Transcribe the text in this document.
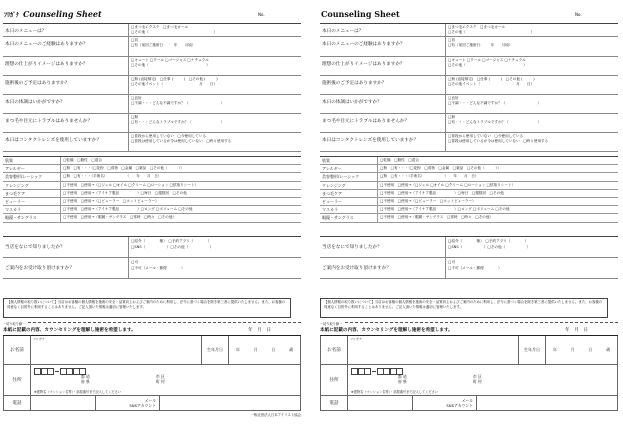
ﾌﾘｶﾞﾅ Counseling Sheet	No.
本日のメニューは？
□まつ毛エクステ　□まつ毛カール
□その他（　　　　　　　　　　　　　　　　　　）
本日のメニューのご経験はありますか？
□初
□有（前回ご施術日：　　年　　月頃）
理想の仕上がりイメージはありますか？
□キュート □クール □ゴージャス □ナチュラル
□その他（　　　　　　　　　　　　　　　　）
施術後のご予定はありますか？
□無 (直接帰宅)　□仕事 (　　　)　□その他 (　　　)
□その他イベント（　　　　　　　　　　月　　日）
本日の体調はいかがですか？
□良好
□不調・・・どんな不調ですか？（　　　　　　　　　）
まつ毛や目元にトラブルはありませんか？
□無
□有・・・どんなトラブルですか？（　　　　　　　　）
本日はコンタクトレンズを使用していますか？
□普段から使用していない　□今使用している
□普段は使用しているが今は使用していない　□時々使用する
肌質	□乾燥　□脂性　□混合
アレルギー	□無　□有・・・（□花粉　□食物　□金属　□薬品　□その他（　　　））
美容整形/レーシック	□無　□有・・・（手術名）　　　　　　（　　年　　月　日）
クレンジング	□不使用　□使用→（□ジェル □オイル □クリーム □ローション □拭取りシート）
まつ毛ケア	□不使用　□使用→（アイケア製品　　　　　）□毎日　□週数回　□その他
ビューラー	□不使用　□使用→（□ビューラー　□ホットビューラー）
マスカラ	□不使用　□使用→（アイケア製品　　　　　）□ロング □ボリューム □その他
眼鏡・サングラス	□不使用　□使用→（眼鏡・サングラス　□常時　□時々　□その他）
当店をなにで知りましたか？
□紹介（　　　　様）　□予約アプリ（　　　　）
□SNS（　　　　　　）□その他（　　　　　　）
ご案内をお受け取り頂けますか？
□可
□不可（メール・郵便　　　　）
【個人情報の取り扱いについて】当店はお客様の個人情報を施術の安全・品質向上およびご案内のために利用し、法令に基づく場合を除き第三者に提供いたしません。また、お客様の同意なく目的外に利用することはありません。ご記入頂いた情報は適切に管理いたします。
－切り取り線－
本紙に記載の内容、カウンセリングを理解し施術を希望します。	年　月　日
お名前
フリガナ
生年月日	年	月	日	歳
住所
都 道
府 県
市 区
町 村
※建物名（マンション名等）・部屋番号まで記入してください
電話
メール
SNSアカウント
一般社団法人日本アイリスト協会
Counseling Sheet	No.
本日のメニューは？
□まつ毛エクステ　□まつ毛カール
□その他（　　　　　　　　　　　　　　　　　　）
本日のメニューのご経験はありますか？
□初
□有（前回ご施術日：　　年　　月頃）
理想の仕上がりイメージはありますか？
□キュート □クール □ゴージャス □ナチュラル
□その他（　　　　　　　　　　　　　　　　）
施術後のご予定はありますか？
□無 (直接帰宅)　□仕事 (　　　)　□その他 (　　　)
□その他イベント（　　　　　　　　　　月　　日）
本日の体調はいかがですか？
□良好
□不調・・・どんな不調ですか？（　　　　　　　　　）
まつ毛や目元にトラブルはありませんか？
□無
□有・・・どんなトラブルですか？（　　　　　　　　）
本日はコンタクトレンズを使用していますか？
□普段から使用していない　□今使用している
□普段は使用しているが今は使用していない　□時々使用する
肌質	□乾燥　□脂性　□混合
アレルギー	□無　□有・・・（□花粉　□食物　□金属　□薬品　□その他（　　　））
美容整形/レーシック	□無　□有・・・（手術名）　　　　　　（　　年　　月　日）
クレンジング	□不使用　□使用→（□ジェル □オイル □クリーム □ローション □拭取りシート）
まつ毛ケア	□不使用　□使用→（アイケア製品　　　　　）□毎日　□週数回　□その他
ビューラー	□不使用　□使用→（□ビューラー　□ホットビューラー）
マスカラ	□不使用　□使用→（アイケア製品　　　　　）□ロング □ボリューム □その他
眼鏡・サングラス	□不使用　□使用→（眼鏡・サングラス　□常時　□時々　□その他）
当店をなにで知りましたか？
□紹介（　　　　様）　□予約アプリ（　　　　）
□SNS（　　　　　　）□その他（　　　　　　）
ご案内をお受け取り頂けますか？
□可
□不可（メール・郵便　　　　）
【個人情報の取り扱いについて】当店はお客様の個人情報を施術の安全・品質向上およびご案内のために利用し、法令に基づく場合を除き第三者に提供いたしません。また、お客様の同意なく目的外に利用することはありません。ご記入頂いた情報は適切に管理いたします。
－切り取り線－
本紙に記載の内容、カウンセリングを理解し施術を希望します。	年　月　日
お名前
フリガナ
生年月日	年	月	日	歳
住所
都 道
府 県
市 区
町 村
※建物名（マンション名等）・部屋番号まで記入してください
電話
メール
SNSアカウント
